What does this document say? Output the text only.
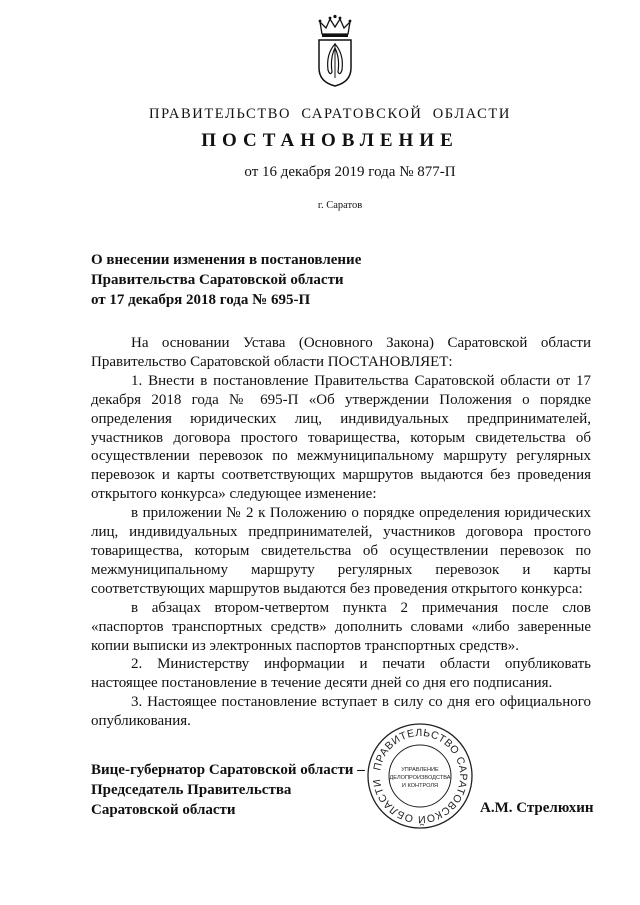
ПРАВИТЕЛЬСТВО САРАТОВСКОЙ ОБЛАСТИ
ПОСТАНОВЛЕНИЕ
от 16 декабря 2019 года № 877-П
г. Саратов
О внесении изменения в постановление
Правительства Саратовской области
от 17 декабря 2018 года № 695-П

На основании Устава (Основного Закона) Саратовской области Правительство Саратовской области ПОСТАНОВЛЯЕТ:

1. Внести в постановление Правительства Саратовской области от 17 декабря 2018 года № 695-П «Об утверждении Положения о порядке определения юридических лиц, индивидуальных предпринимателей, участников договора простого товарищества, которым свидетельства об осуществлении перевозок по межмуниципальному маршруту регулярных перевозок и карты соответствующих маршрутов выдаются без проведения открытого конкурса» следующее изменение:

в приложении № 2 к Положению о порядке определения юридических лиц, индивидуальных предпринимателей, участников договора простого товарищества, которым свидетельства об осуществлении перевозок по межмуниципальному маршруту регулярных перевозок и карты соответствующих маршрутов выдаются без проведения открытого конкурса:

в абзацах втором-четвертом пункта 2 примечания после слов «паспортов транспортных средств» дополнить словами «либо заверенные копии выписки из электронных паспортов транспортных средств».

2. Министерству информации и печати области опубликовать настоящее постановление в течение десяти дней со дня его подписания.

3. Настоящее постановление вступает в силу со дня его официального опубликования.

Вице-губернатор Саратовской области –
Председатель Правительства
Саратовской области
ПРАВИТЕЛЬСТВО САРАТОВСКОЙ ОБЛАСТИ
УПРАВЛЕНИЕ
ДЕЛОПРОИЗВОДСТВА
И КОНТРОЛЯ
А.М. Стрелюхин
